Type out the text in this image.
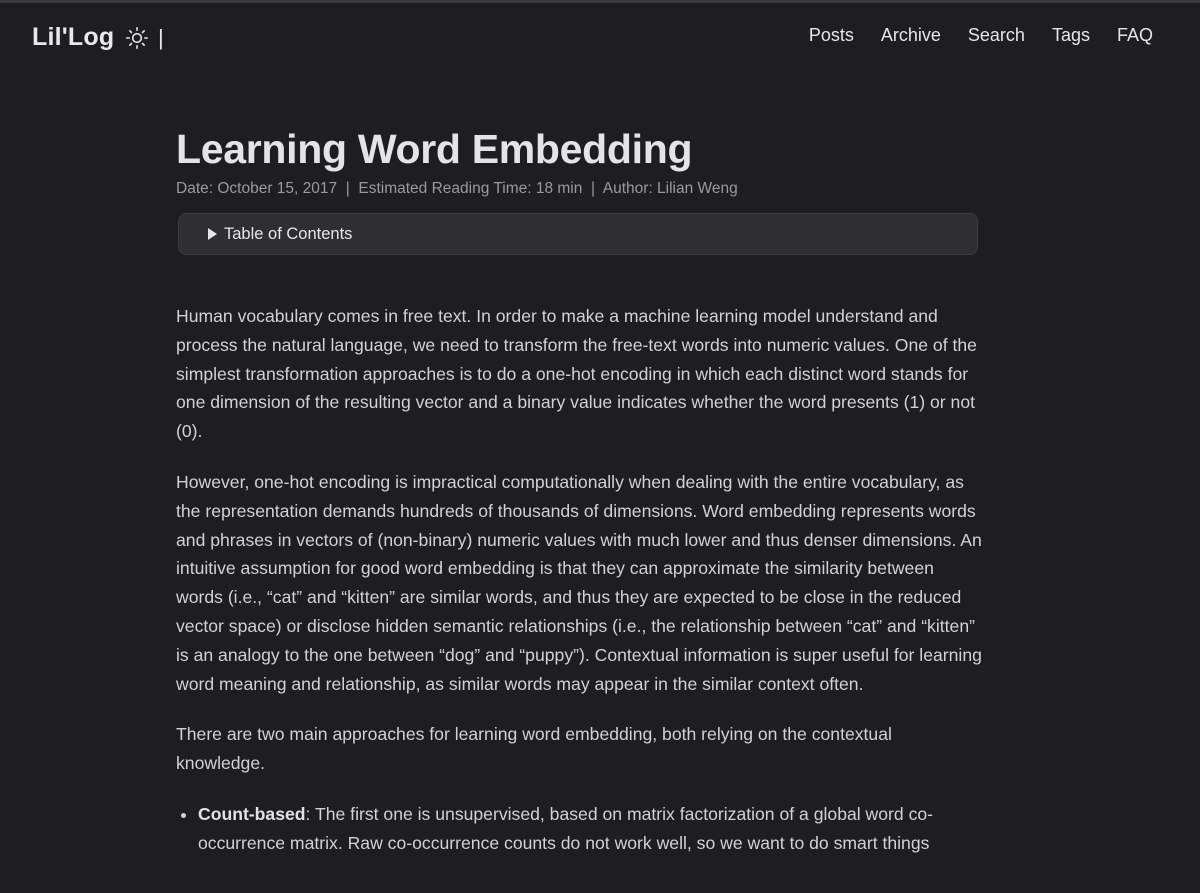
Lil'Log |	Posts Archive Search Tags FAQ
Learning Word Embedding
Date: October 15, 2017  |  Estimated Reading Time: 18 min  |  Author: Lilian Weng
Table of Contents

Human vocabulary comes in free text. In order to make a machine learning model understand and process the natural language, we need to transform the free-text words into numeric values. One of the simplest transformation approaches is to do a one-hot encoding in which each distinct word stands for one dimension of the resulting vector and a binary value indicates whether the word presents (1) or not (0).

However, one-hot encoding is impractical computationally when dealing with the entire vocabulary, as the representation demands hundreds of thousands of dimensions. Word embedding represents words and phrases in vectors of (non-binary) numeric values with much lower and thus denser dimensions. An intuitive assumption for good word embedding is that they can approximate the similarity between words (i.e., “cat” and “kitten” are similar words, and thus they are expected to be close in the reduced vector space) or disclose hidden semantic relationships (i.e., the relationship between “cat” and “kitten” is an analogy to the one between “dog” and “puppy”). Contextual information is super useful for learning word meaning and relationship, as similar words may appear in the similar context often.

There are two main approaches for learning word embedding, both relying on the contextual knowledge.

• Count-based: The first one is unsupervised, based on matrix factorization of a global word co-occurrence matrix. Raw co-occurrence counts do not work well, so we want to do smart things
